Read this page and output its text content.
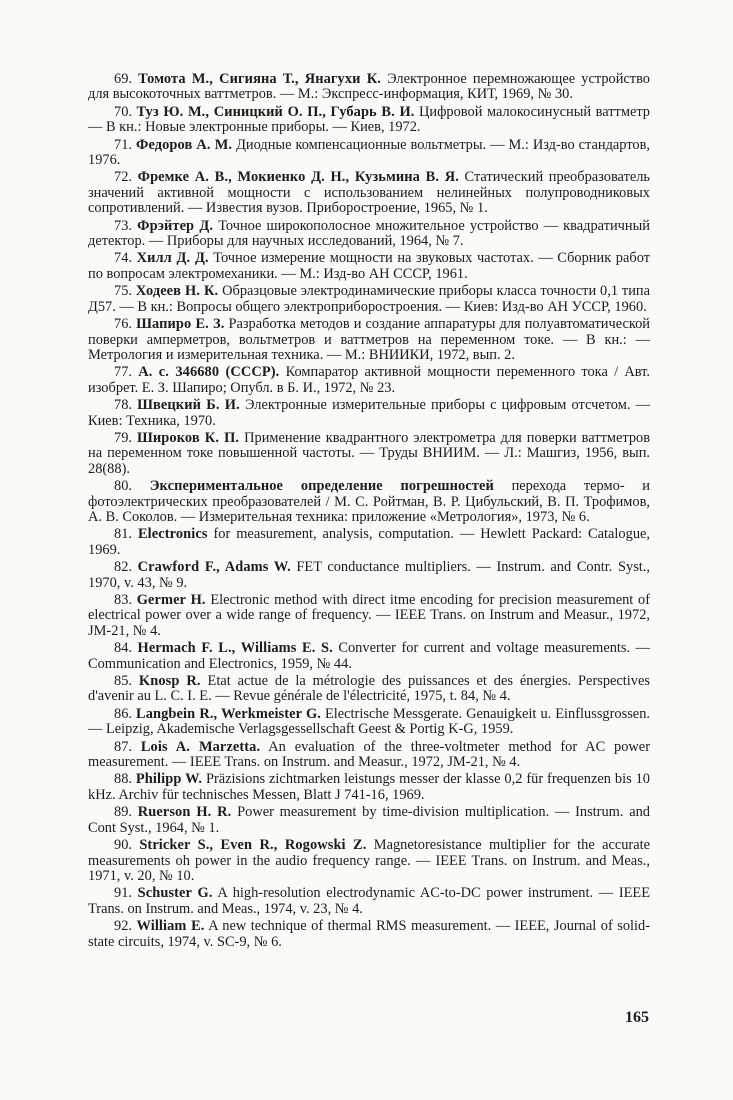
69. Томота М., Сигияна Т., Янагухи К. Электронное перемножающее устройство для высокоточных ваттметров. — М.: Экспресс-информация, КИТ, 1969, № 30.

70. Туз Ю. М., Синицкий О. П., Губарь В. И. Цифровой малокосинусный ваттметр — В кн.: Новые электронные приборы. — Киев, 1972.

71. Федоров А. М. Диодные компенсационные вольтметры. — М.: Изд-во стандартов, 1976.

72. Фремке А. В., Мокиенко Д. Н., Кузьмина В. Я. Статический преобразователь значений активной мощности с использованием нелинейных полупроводниковых сопротивлений. — Известия вузов. Приборостроение, 1965, № 1.

73. Фрэйтер Д. Точное широкополосное множительное устройство — квадратичный детектор. — Приборы для научных исследований, 1964, № 7.

74. Хилл Д. Д. Точное измерение мощности на звуковых частотах. — Сборник работ по вопросам электромеханики. — М.: Изд-во АН СССР, 1961.

75. Ходеев Н. К. Образцовые электродинамические приборы класса точности 0,1 типа Д57. — В кн.: Вопросы общего электроприборостроения. — Киев: Изд-во АН УССР, 1960.

76. Шапиро Е. З. Разработка методов и создание аппаратуры для полуавтоматической поверки амперметров, вольтметров и ваттметров на переменном токе. — В кн.: — Метрология и измерительная техника. — М.: ВНИИКИ, 1972, вып. 2.

77. А. с. 346680 (СССР). Компаратор активной мощности переменного тока / Авт. изобрет. Е. З. Шапиро; Опубл. в Б. И., 1972, № 23.

78. Швецкий Б. И. Электронные измерительные приборы с цифровым отсчетом. — Киев: Техника, 1970.

79. Широков К. П. Применение квадрантного электрометра для поверки ваттметров на переменном токе повышенной частоты. — Труды ВНИИМ. — Л.: Машгиз, 1956, вып. 28(88).

80. Экспериментальное определение погрешностей перехода термо- и фотоэлектрических преобразователей / М. С. Ройтман, В. Р. Цибульский, В. П. Трофимов, А. В. Соколов. — Измерительная техника: приложение «Метрология», 1973, № 6.

81. Electronics for measurement, analysis, computation. — Hewlett Packard: Catalogue, 1969.

82. Crawford F., Adams W. FET conductance multipliers. — Instrum. and Contr. Syst., 1970, v. 43, № 9.

83. Germer H. Electronic method with direct itme encoding for precision measurement of electrical power over a wide range of frequency. — IEEE Trans. on Instrum and Measur., 1972, JM-21, № 4.

84. Hermach F. L., Williams E. S. Converter for current and voltage measurements. — Communication and Electronics, 1959, № 44.

85. Knosp R. Etat actue de la métrologie des puissances et des énergies. Perspectives d'avenir au L. C. I. E. — Revue générale de l'électricité, 1975, t. 84, № 4.

86. Langbein R., Werkmeister G. Electrische Messgerate. Genauigkeit u. Einflussgrossen. — Leipzig, Akademische Verlagsgessellschaft Geest & Portig K-G, 1959.

87. Lois A. Marzetta. An evaluation of the three-voltmeter method for AC power measurement. — IEEE Trans. on Instrum. and Measur., 1972, JM-21, № 4.

88. Philipp W. Präzisions zichtmarken leistungs messer der klasse 0,2 für frequenzen bis 10 kHz. Archiv für technisches Messen, Blatt J 741-16, 1969.

89. Ruerson H. R. Power measurement by time-division multiplication. — Instrum. and Cont Syst., 1964, № 1.

90. Stricker S., Even R., Rogowski Z. Magnetoresistance multiplier for the accurate measurements oh power in the audio frequency range. — IEEE Trans. on Instrum. and Meas., 1971, v. 20, № 10.

91. Schuster G. A high-resolution electrodynamic AC-to-DC power instrument. — IEEE Trans. on Instrum. and Meas., 1974, v. 23, № 4.

92. William E. A new technique of thermal RMS measurement. — IEEE, Journal of solid-state circuits, 1974, v. SC-9, № 6.

165
